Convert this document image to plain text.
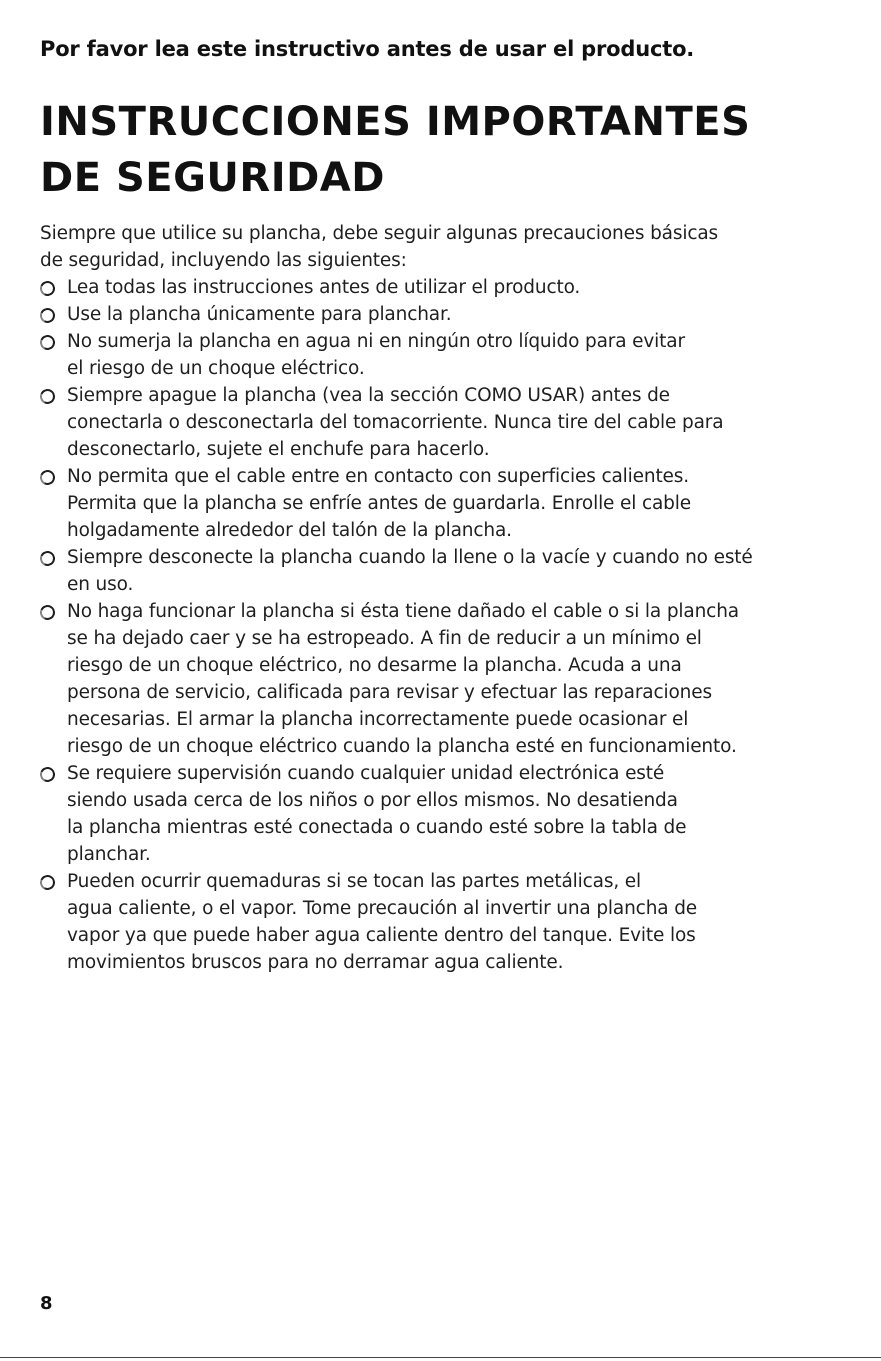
Por favor lea este instructivo antes de usar el producto.
INSTRUCCIONES IMPORTANTES
DE SEGURIDAD
Siempre que utilice su plancha, debe seguir algunas precauciones básicas
de seguridad, incluyendo las siguientes:
Lea todas las instrucciones antes de utilizar el producto.
Use la plancha únicamente para planchar.
No sumerja la plancha en agua ni en ningún otro líquido para evitar
el riesgo de un choque eléctrico.
Siempre apague la plancha (vea la sección COMO USAR) antes de
conectarla o desconectarla del tomacorriente. Nunca tire del cable para
desconectarlo, sujete el enchufe para hacerlo.
No permita que el cable entre en contacto con superficies calientes.
Permita que la plancha se enfríe antes de guardarla. Enrolle el cable
holgadamente alrededor del talón de la plancha.
Siempre desconecte la plancha cuando la llene o la vacíe y cuando no esté
en uso.
No haga funcionar la plancha si ésta tiene dañado el cable o si la plancha
se ha dejado caer y se ha estropeado. A fin de reducir a un mínimo el
riesgo de un choque eléctrico, no desarme la plancha. Acuda a una
persona de servicio, calificada para revisar y efectuar las reparaciones
necesarias. El armar la plancha incorrectamente puede ocasionar el
riesgo de un choque eléctrico cuando la plancha esté en funcionamiento.
Se requiere supervisión cuando cualquier unidad electrónica esté
siendo usada cerca de los niños o por ellos mismos. No desatienda
la plancha mientras esté conectada o cuando esté sobre la tabla de
planchar.
Pueden ocurrir quemaduras si se tocan las partes metálicas, el
agua caliente, o el vapor. Tome precaución al invertir una plancha de
vapor ya que puede haber agua caliente dentro del tanque. Evite los
movimientos bruscos para no derramar agua caliente.
8
